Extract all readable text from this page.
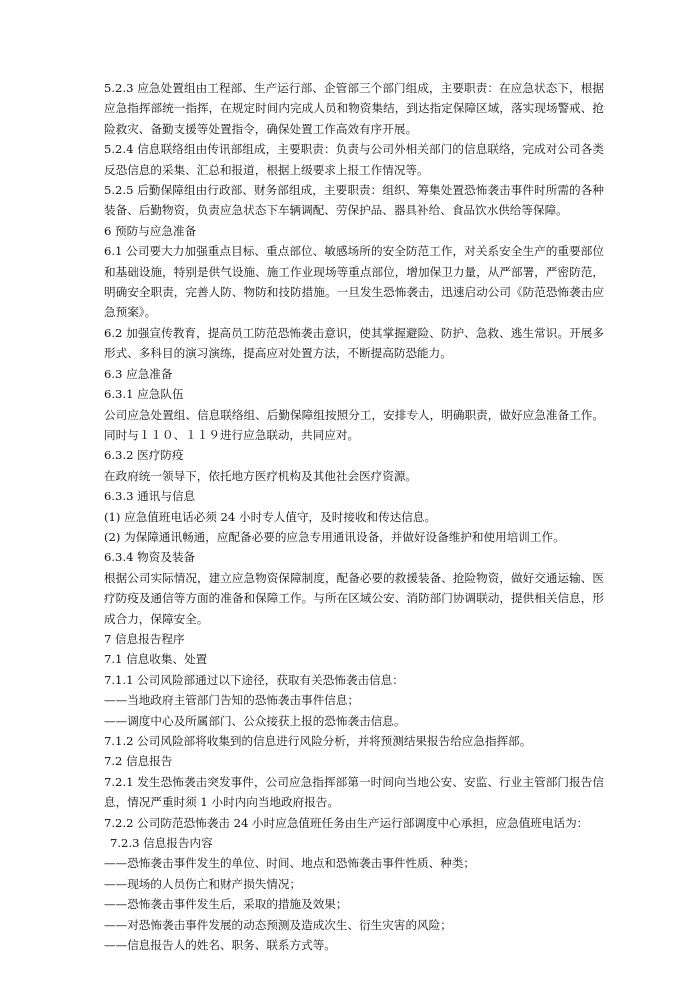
5.2.3 应急处置组由工程部、生产运行部、企管部三个部门组成，主要职责：在应急状态下，根据应急指挥部统一指挥，在规定时间内完成人员和物资集结，到达指定保障区域，落实现场警戒、抢险救灾、备勤支援等处置指令，确保处置工作高效有序开展。

5.2.4 信息联络组由传讯部组成，主要职责：负责与公司外相关部门的信息联络，完成对公司各类反恐信息的采集、汇总和报道，根据上级要求上报工作情况等。

5.2.5 后勤保障组由行政部、财务部组成，主要职责：组织、筹集处置恐怖袭击事件时所需的各种装备、后勤物资，负责应急状态下车辆调配、劳保护品、器具补给、食品饮水供给等保障。

6 预防与应急准备

6.1 公司要大力加强重点目标、重点部位、敏感场所的安全防范工作，对关系安全生产的重要部位和基础设施，特别是供气设施、施工作业现场等重点部位，增加保卫力量，从严部署，严密防范，明确安全职责，完善人防、物防和技防措施。一旦发生恐怖袭击，迅速启动公司《防范恐怖袭击应急预案》。

6.2 加强宣传教育，提高员工防范恐怖袭击意识，使其掌握避险、防护、急救、逃生常识。开展多形式、多科目的演习演练，提高应对处置方法，不断提高防恐能力。

6.3 应急准备

6.3.1 应急队伍

公司应急处置组、信息联络组、后勤保障组按照分工，安排专人，明确职责，做好应急准备工作。同时与１１０、１１９进行应急联动，共同应对。

6.3.2 医疗防疫

在政府统一领导下，依托地方医疗机构及其他社会医疗资源。

6.3.3 通讯与信息

(1) 应急值班电话必须 24 小时专人值守，及时接收和传达信息。

(2) 为保障通讯畅通，应配备必要的应急专用通讯设备，并做好设备维护和使用培训工作。

6.3.4 物资及装备

根据公司实际情况，建立应急物资保障制度，配备必要的救援装备、抢险物资，做好交通运输、医疗防疫及通信等方面的准备和保障工作。与所在区域公安、消防部门协调联动，提供相关信息，形成合力，保障安全。

7 信息报告程序

7.1 信息收集、处置

7.1.1 公司风险部通过以下途径，获取有关恐怖袭击信息：

——当地政府主管部门告知的恐怖袭击事件信息；

——调度中心及所属部门、公众接获上报的恐怖袭击信息。

7.1.2 公司风险部将收集到的信息进行风险分析，并将预测结果报告给应急指挥部。

7.2 信息报告

7.2.1 发生恐怖袭击突发事件，公司应急指挥部第一时间向当地公安、安监、行业主管部门报告信息，情况严重时须 1 小时内向当地政府报告。

7.2.2 公司防范恐怖袭击 24 小时应急值班任务由生产运行部调度中心承担，应急值班电话为：

7.2.3 信息报告内容

——恐怖袭击事件发生的单位、时间、地点和恐怖袭击事件性质、种类；

——现场的人员伤亡和财产损失情况；

——恐怖袭击事件发生后，采取的措施及效果；

——对恐怖袭击事件发展的动态预测及造成次生、衍生灾害的风险；

——信息报告人的姓名、职务、联系方式等。
